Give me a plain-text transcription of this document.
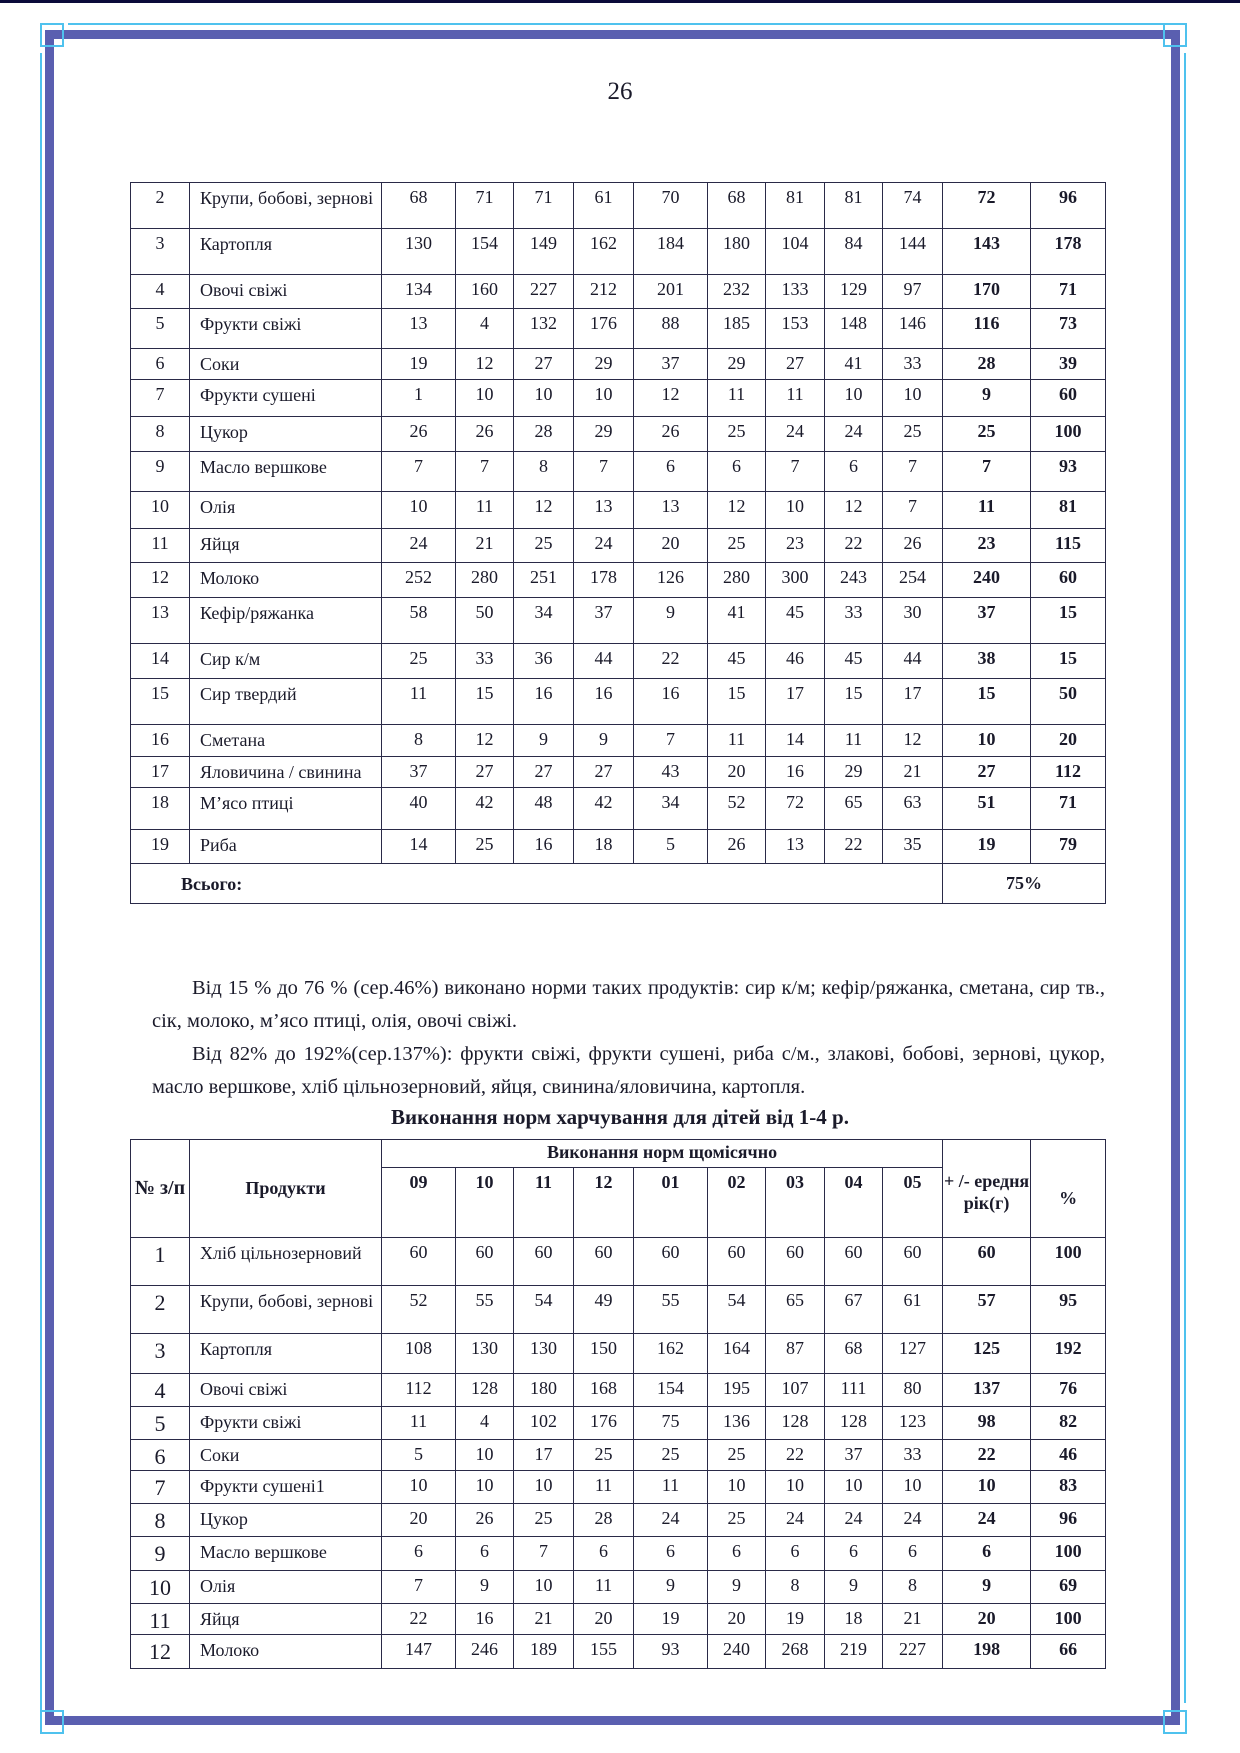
26
2	Крупи, бобові, зернові	68	71	71	61	70	68	81	81	74	72	96
3	Картопля	130	154	149	162	184	180	104	84	144	143	178
4	Овочі свіжі	134	160	227	212	201	232	133	129	97	170	71
5	Фрукти свіжі	13	4	132	176	88	185	153	148	146	116	73
6	Соки	19	12	27	29	37	29	27	41	33	28	39
7	Фрукти сушені	1	10	10	10	12	11	11	10	10	9	60
8	Цукор	26	26	28	29	26	25	24	24	25	25	100
9	Масло вершкове	7	7	8	7	6	6	7	6	7	7	93
10	Олія	10	11	12	13	13	12	10	12	7	11	81
11	Яйця	24	21	25	24	20	25	23	22	26	23	115
12	Молоко	252	280	251	178	126	280	300	243	254	240	60
13	Кефір/ряжанка	58	50	34	37	9	41	45	33	30	37	15
14	Сир к/м	25	33	36	44	22	45	46	45	44	38	15
15	Сир твердий	11	15	16	16	16	15	17	15	17	15	50
16	Сметана	8	12	9	9	7	11	14	11	12	10	20
17	Яловичина / свинина	37	27	27	27	43	20	16	29	21	27	112
18	М’ясо птиці	40	42	48	42	34	52	72	65	63	51	71
19	Риба	14	25	16	18	5	26	13	22	35	19	79
Всього:											75%	

Від 15 % до 76 % (сер.46%) виконано норми таких продуктів: сир к/м; кефір/ряжанка, сметана, сир тв., сік, молоко, м’ясо птиці, олія, овочі свіжі.

Від 82% до 192%(сер.137%): фрукти свіжі, фрукти сушені, риба с/м., злакові, бобові, зернові, цукор, масло вершкове, хліб цільнозерновий, яйця, свинина/яловичина, картопля.

Виконання норм харчування для дітей від 1-4 р.
№ з/п	Продукти	Виконання норм щомісячно									+ /- ередня рік(г)	%
		09	10	11	12	01	02	03	04	05		
1	Хліб цільнозерновий	60	60	60	60	60	60	60	60	60	60	100
2	Крупи, бобові, зернові	52	55	54	49	55	54	65	67	61	57	95
3	Картопля	108	130	130	150	162	164	87	68	127	125	192
4	Овочі свіжі	112	128	180	168	154	195	107	111	80	137	76
5	Фрукти свіжі	11	4	102	176	75	136	128	128	123	98	82
6	Соки	5	10	17	25	25	25	22	37	33	22	46
7	Фрукти сушені1	10	10	10	11	11	10	10	10	10	10	83
8	Цукор	20	26	25	28	24	25	24	24	24	24	96
9	Масло вершкове	6	6	7	6	6	6	6	6	6	6	100
10	Олія	7	9	10	11	9	9	8	9	8	9	69
11	Яйця	22	16	21	20	19	20	19	18	21	20	100
12	Молоко	147	246	189	155	93	240	268	219	227	198	66
